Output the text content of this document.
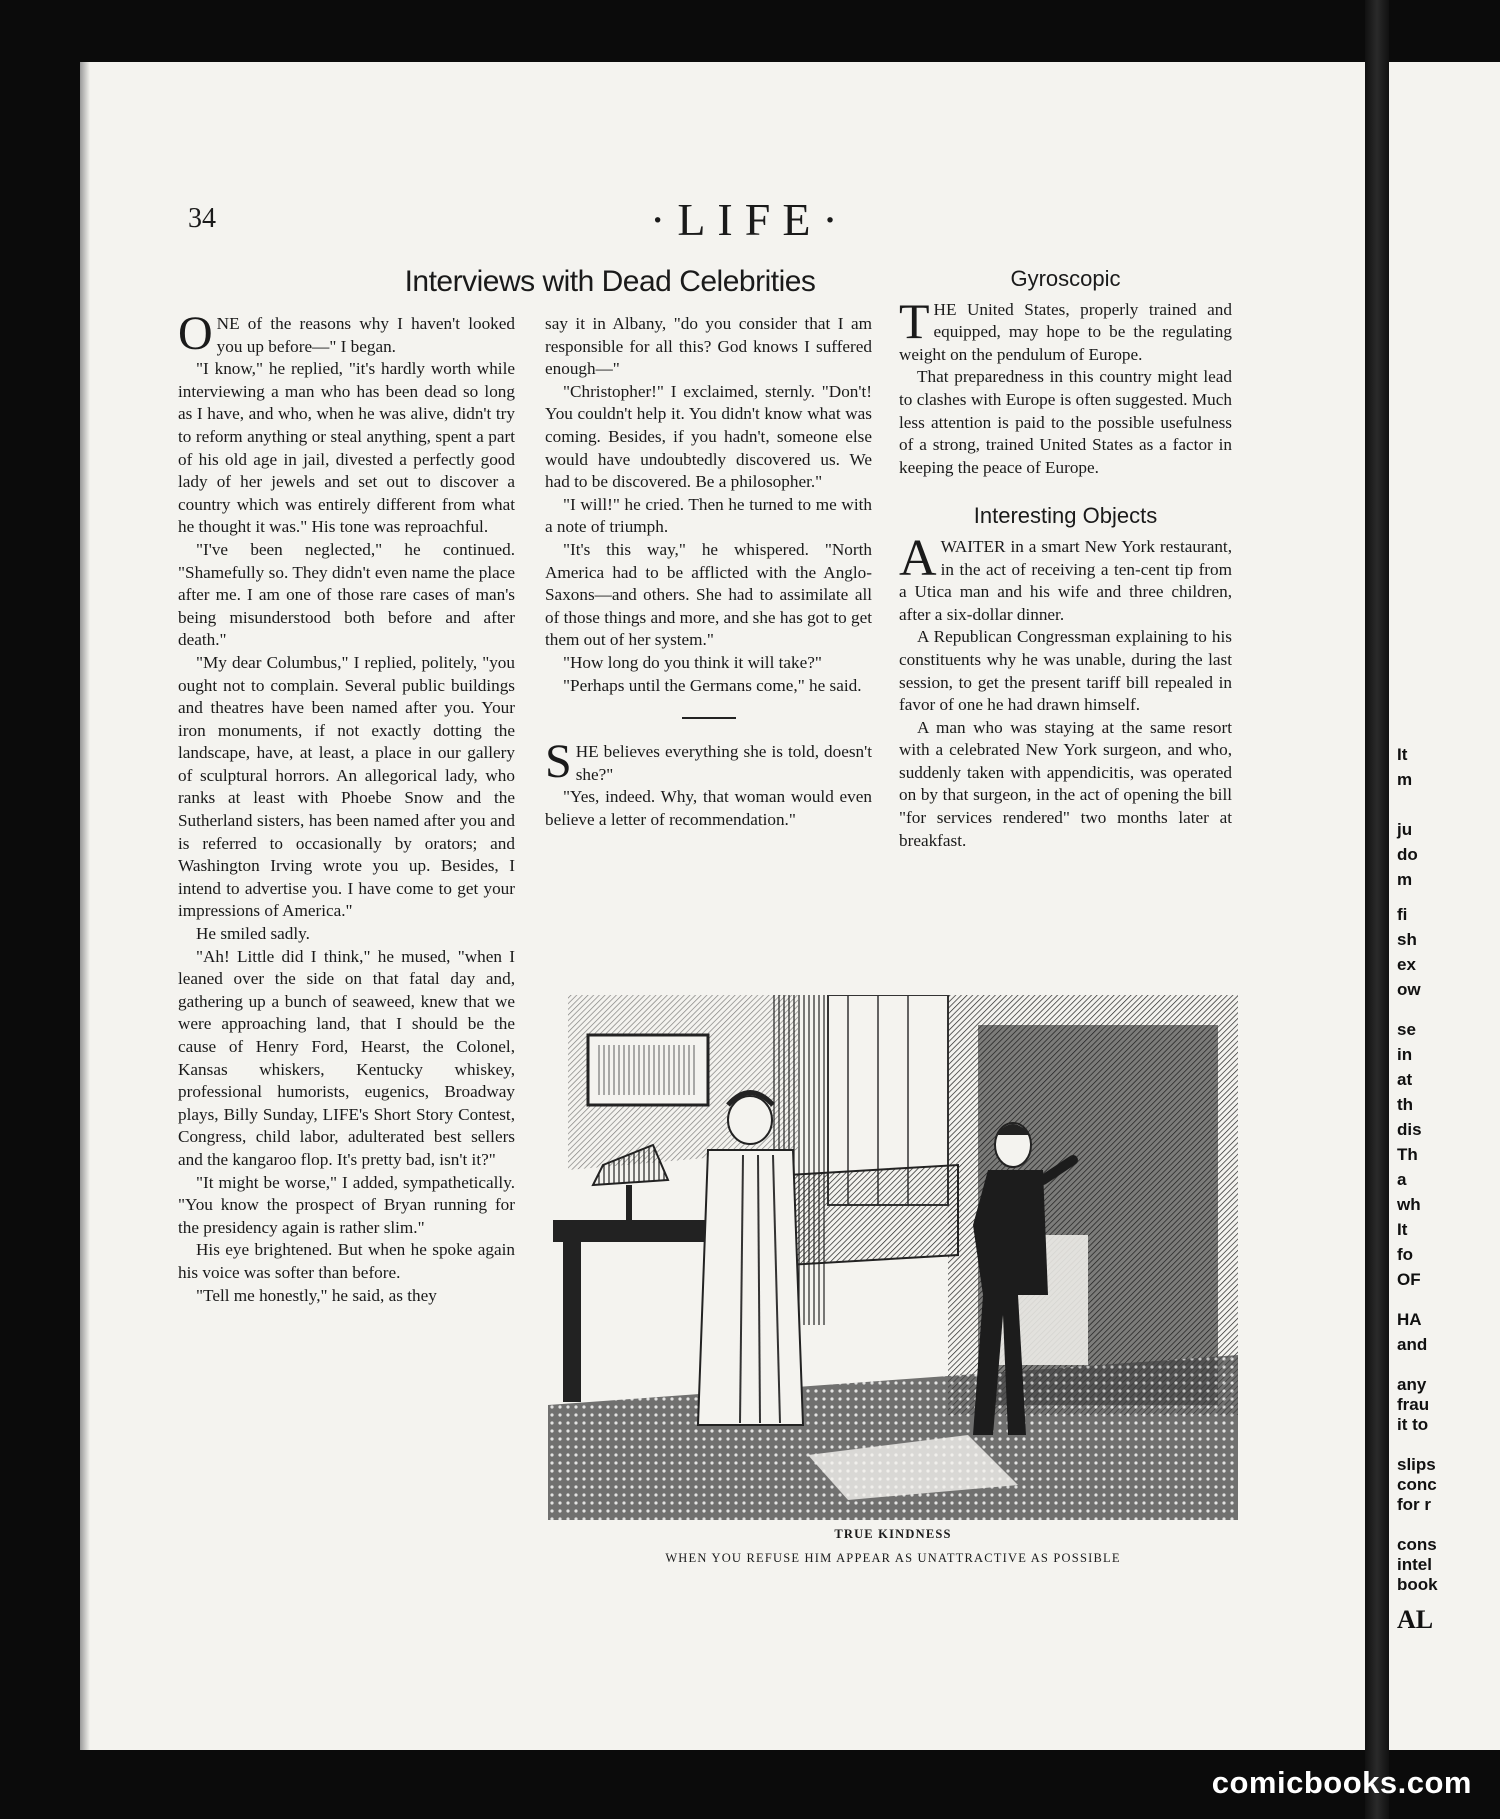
It
m
ju
do
m
fi
sh
ex
ow
se
in
at
th
dis
Th
a
wh
It
fo
OF
HA
and
any
frau
it to
slips
conc
for r
cons
intel
book
AL
34	·LIFE·
Interviews with Dead Celebrities

ONE of the reasons why I haven't looked you up before—" I began.

"I know," he replied, "it's hardly worth while interviewing a man who has been dead so long as I have, and who, when he was alive, didn't try to reform anything or steal anything, spent a part of his old age in jail, divested a perfectly good lady of her jewels and set out to discover a country which was entirely different from what he thought it was." His tone was reproachful.

"I've been neglected," he continued. "Shamefully so. They didn't even name the place after me. I am one of those rare cases of man's being misunderstood both before and after death."

"My dear Columbus," I replied, politely, "you ought not to complain. Several public buildings and theatres have been named after you. Your iron monuments, if not exactly dotting the landscape, have, at least, a place in our gallery of sculptural horrors. An allegorical lady, who ranks at least with Phoebe Snow and the Sutherland sisters, has been named after you and is referred to occasionally by orators; and Washington Irving wrote you up. Besides, I intend to advertise you. I have come to get your impressions of America."

He smiled sadly.

"Ah! Little did I think," he mused, "when I leaned over the side on that fatal day and, gathering up a bunch of seaweed, knew that we were approaching land, that I should be the cause of Henry Ford, Hearst, the Colonel, Kansas whiskers, Kentucky whiskey, professional humorists, eugenics, Broadway plays, Billy Sunday, LIFE's Short Story Contest, Congress, child labor, adulterated best sellers and the kangaroo flop. It's pretty bad, isn't it?"

"It might be worse," I added, sympathetically. "You know the prospect of Bryan running for the presidency again is rather slim."

His eye brightened. But when he spoke again his voice was softer than before.

"Tell me honestly," he said, as they

say it in Albany, "do you consider that I am responsible for all this? God knows I suffered enough—"

"Christopher!" I exclaimed, sternly. "Don't! You couldn't help it. You didn't know what was coming. Besides, if you hadn't, someone else would have undoubtedly discovered us. We had to be discovered. Be a philosopher."

"I will!" he cried. Then he turned to me with a note of triumph.

"It's this way," he whispered. "North America had to be afflicted with the Anglo-Saxons—and others. She had to assimilate all of those things and more, and she has got to get them out of her system."

"How long do you think it will take?"

"Perhaps until the Germans come," he said.

SHE believes everything she is told, doesn't she?"

"Yes, indeed. Why, that woman would even believe a letter of recommendation."

Gyroscopic

THE United States, properly trained and equipped, may hope to be the regulating weight on the pendulum of Europe.

That preparedness in this country might lead to clashes with Europe is often suggested. Much less attention is paid to the possible usefulness of a strong, trained United States as a factor in keeping the peace of Europe.

Interesting Objects

AWAITER in a smart New York restaurant, in the act of receiving a ten-cent tip from a Utica man and his wife and three children, after a six-dollar dinner.

A Republican Congressman explaining to his constituents why he was unable, during the last session, to get the present tariff bill repealed in favor of one he had drawn himself.

A man who was staying at the same resort with a celebrated New York surgeon, and who, suddenly taken with appendicitis, was operated on by that surgeon, in the act of opening the bill "for services rendered" two months later at breakfast.

TRUE KINDNESS
WHEN YOU REFUSE HIM APPEAR AS UNATTRACTIVE AS POSSIBLE
comicbooks.com
